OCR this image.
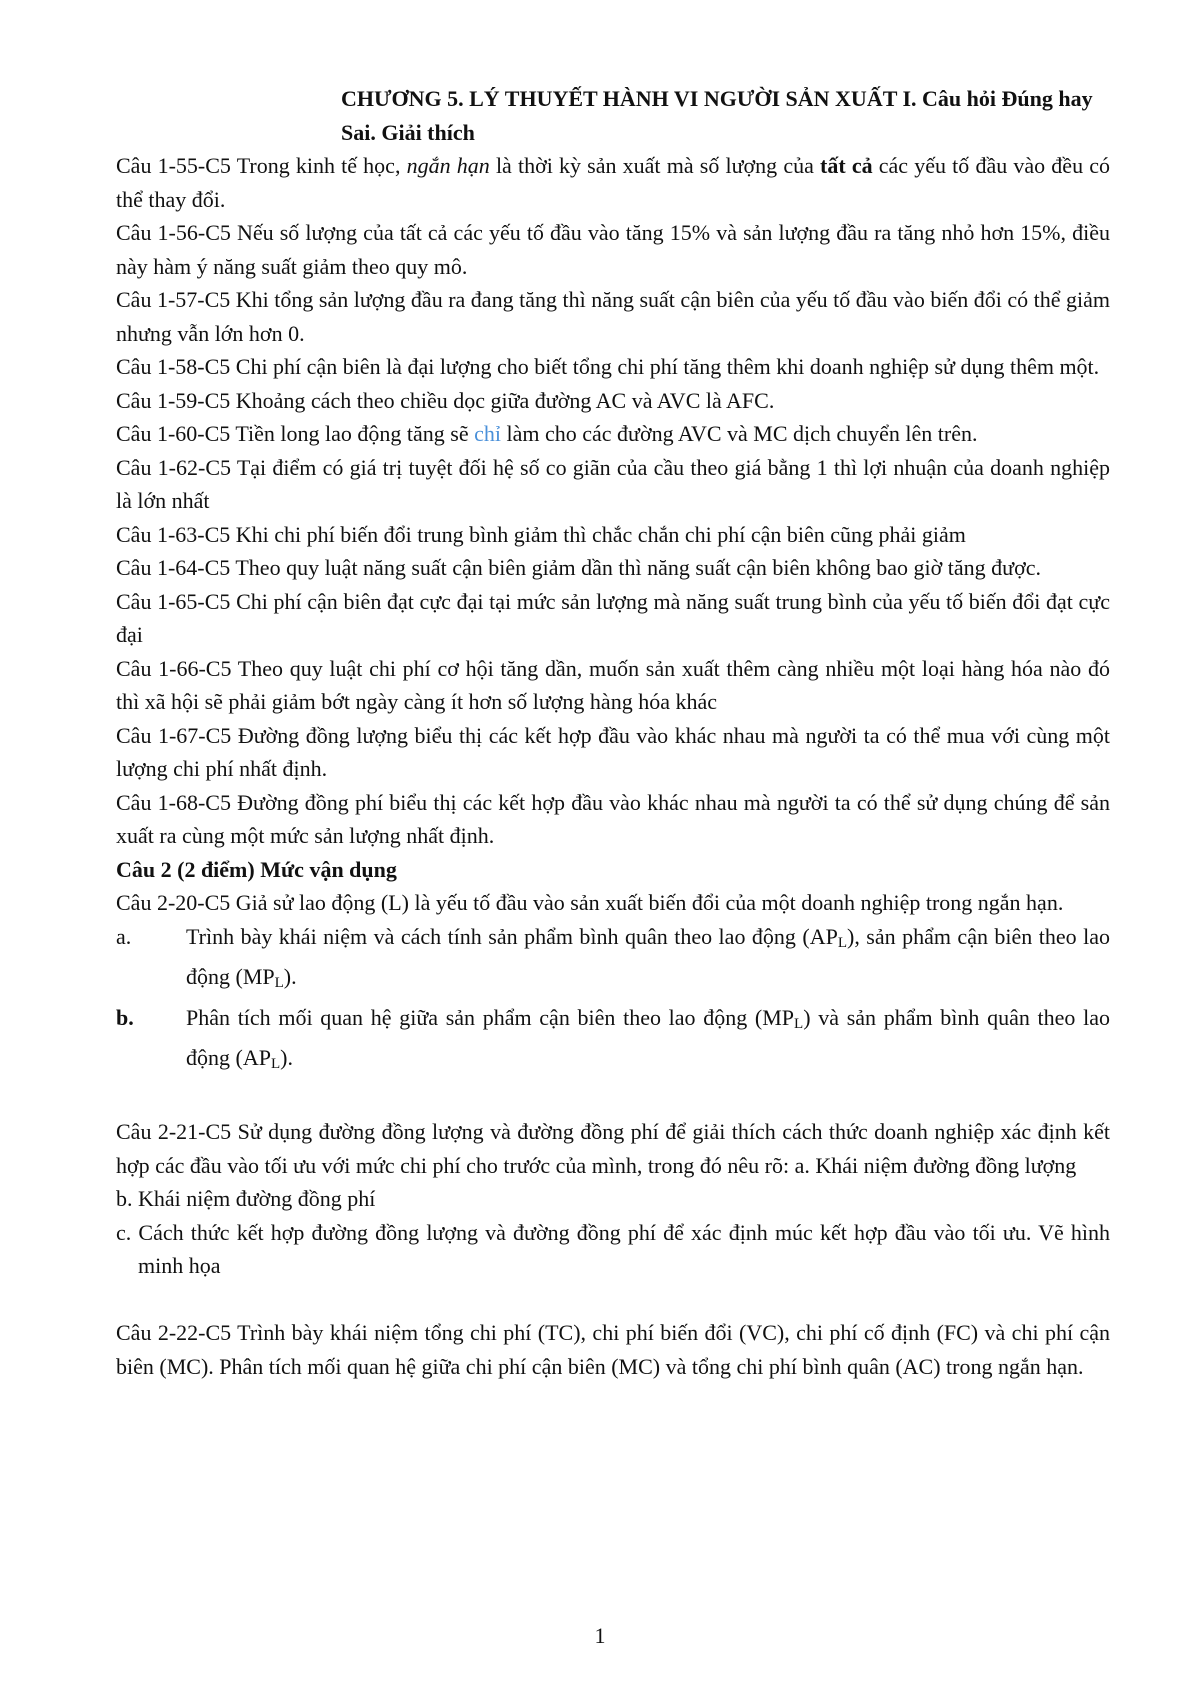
CHƯƠNG 5. LÝ THUYẾT HÀNH VI NGƯỜI SẢN XUẤT I. Câu hỏi Đúng hay Sai. Giải thích

Câu 1-55-C5 Trong kinh tế học, ngắn hạn là thời kỳ sản xuất mà số lượng của tất cả các yếu tố đầu vào đều có thể thay đổi.

Câu 1-56-C5 Nếu số lượng của tất cả các yếu tố đầu vào tăng 15% và sản lượng đầu ra tăng nhỏ hơn 15%, điều này hàm ý năng suất giảm theo quy mô.

Câu 1-57-C5 Khi tổng sản lượng đầu ra đang tăng thì năng suất cận biên của yếu tố đầu vào biến đổi có thể giảm nhưng vẫn lớn hơn 0.

Câu 1-58-C5 Chi phí cận biên là đại lượng cho biết tổng chi phí tăng thêm khi doanh nghiệp sử dụng thêm một.

Câu 1-59-C5 Khoảng cách theo chiều dọc giữa đường AC và AVC là AFC.

Câu 1-60-C5 Tiền long lao động tăng sẽ chỉ làm cho các đường AVC và MC dịch chuyển lên trên.

Câu 1-62-C5 Tại điểm có giá trị tuyệt đối hệ số co giãn của cầu theo giá bằng 1 thì lợi nhuận của doanh nghiệp là lớn nhất

Câu 1-63-C5 Khi chi phí biến đổi trung bình giảm thì chắc chắn chi phí cận biên cũng phải giảm

Câu 1-64-C5 Theo quy luật năng suất cận biên giảm dần thì năng suất cận biên không bao giờ tăng được.

Câu 1-65-C5 Chi phí cận biên đạt cực đại tại mức sản lượng mà năng suất trung bình của yếu tố biến đổi đạt cực đại

Câu 1-66-C5 Theo quy luật chi phí cơ hội tăng dần, muốn sản xuất thêm càng nhiều một loại hàng hóa nào đó thì xã hội sẽ phải giảm bớt ngày càng ít hơn số lượng hàng hóa khác

Câu 1-67-C5 Đường đồng lượng biểu thị các kết hợp đầu vào khác nhau mà người ta có thể mua với cùng một lượng chi phí nhất định.

Câu 1-68-C5 Đường đồng phí biểu thị các kết hợp đầu vào khác nhau mà người ta có thể sử dụng chúng để sản xuất ra cùng một mức sản lượng nhất định.

Câu 2 (2 điểm) Mức vận dụng

Câu 2-20-C5 Giả sử lao động (L) là yếu tố đầu vào sản xuất biến đổi của một doanh nghiệp trong ngắn hạn.

a.	Trình bày khái niệm và cách tính sản phẩm bình quân theo lao động $(AP_L)$, sản phẩm cận biên theo lao động $(MP_L)$.
b.	Phân tích mối quan hệ giữa sản phẩm cận biên theo lao động $(MP_L)$ và sản phẩm bình quân theo lao động $(AP_L)$.

Câu 2-21-C5 Sử dụng đường đồng lượng và đường đồng phí để giải thích cách thức doanh nghiệp xác định kết hợp các đầu vào tối ưu với mức chi phí cho trước của mình, trong đó nêu rõ: a. Khái niệm đường đồng lượng

b. Khái niệm đường đồng phí

c. Cách thức kết hợp đường đồng lượng và đường đồng phí để xác định múc kết hợp đầu vào tối ưu. Vẽ hình minh họa

Câu 2-22-C5 Trình bày khái niệm tổng chi phí (TC), chi phí biến đổi (VC), chi phí cố định (FC) và chi phí cận biên (MC). Phân tích mối quan hệ giữa chi phí cận biên (MC) và tổng chi phí bình quân (AC) trong ngắn hạn.

1
